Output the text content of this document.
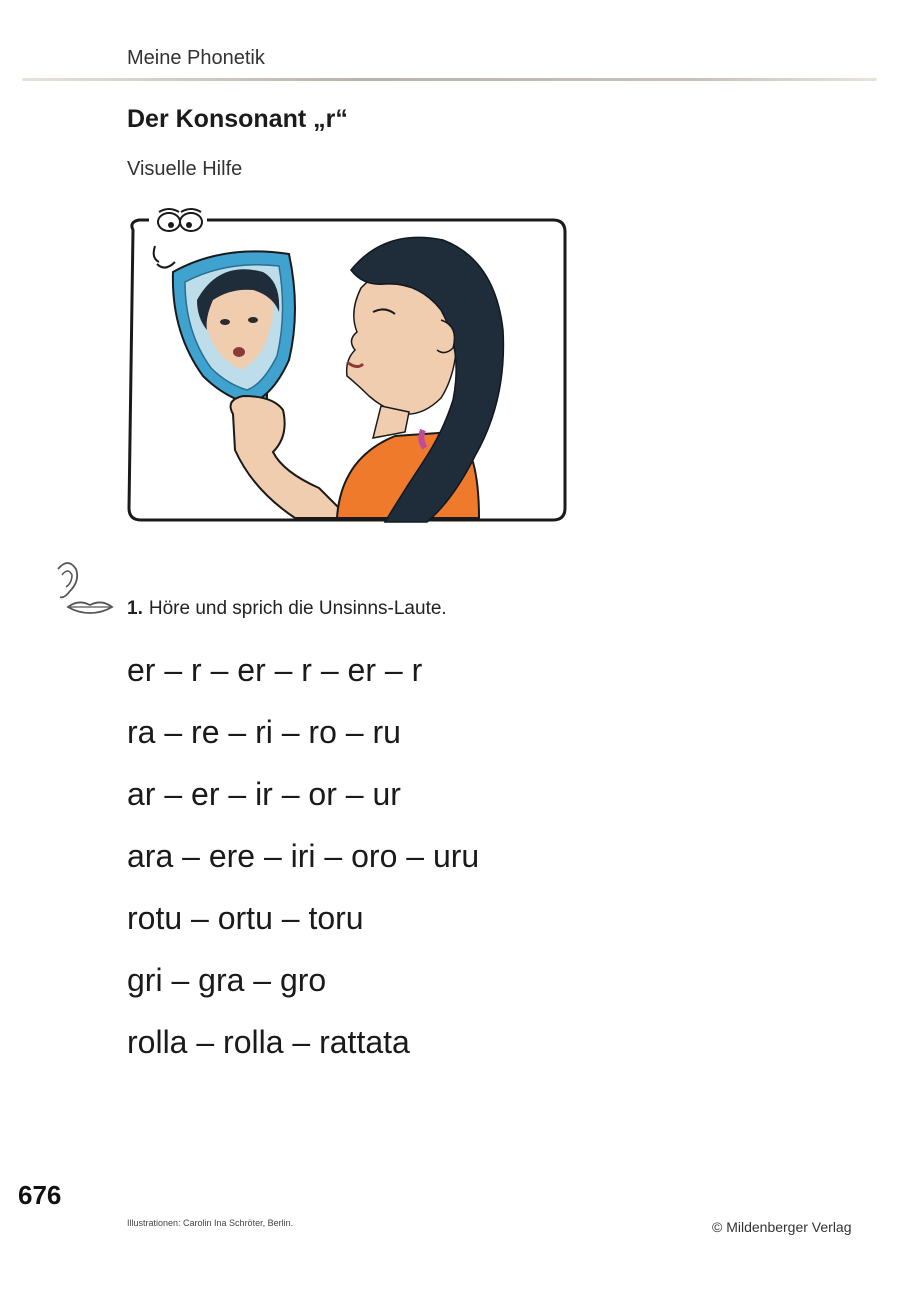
Meine Phonetik
Der Konsonant „r“
Visuelle Hilfe
1. Höre und sprich die Unsinns-Laute.
er – r – er – r – er – r
ra – re – ri – ro – ru
ar – er – ir – or – ur
ara – ere – iri – oro – uru
rotu – ortu – toru
gri – gra – gro
rolla – rolla – rattata
676
Illustrationen: Carolin Ina Schröter, Berlin.	© Mildenberger Verlag
